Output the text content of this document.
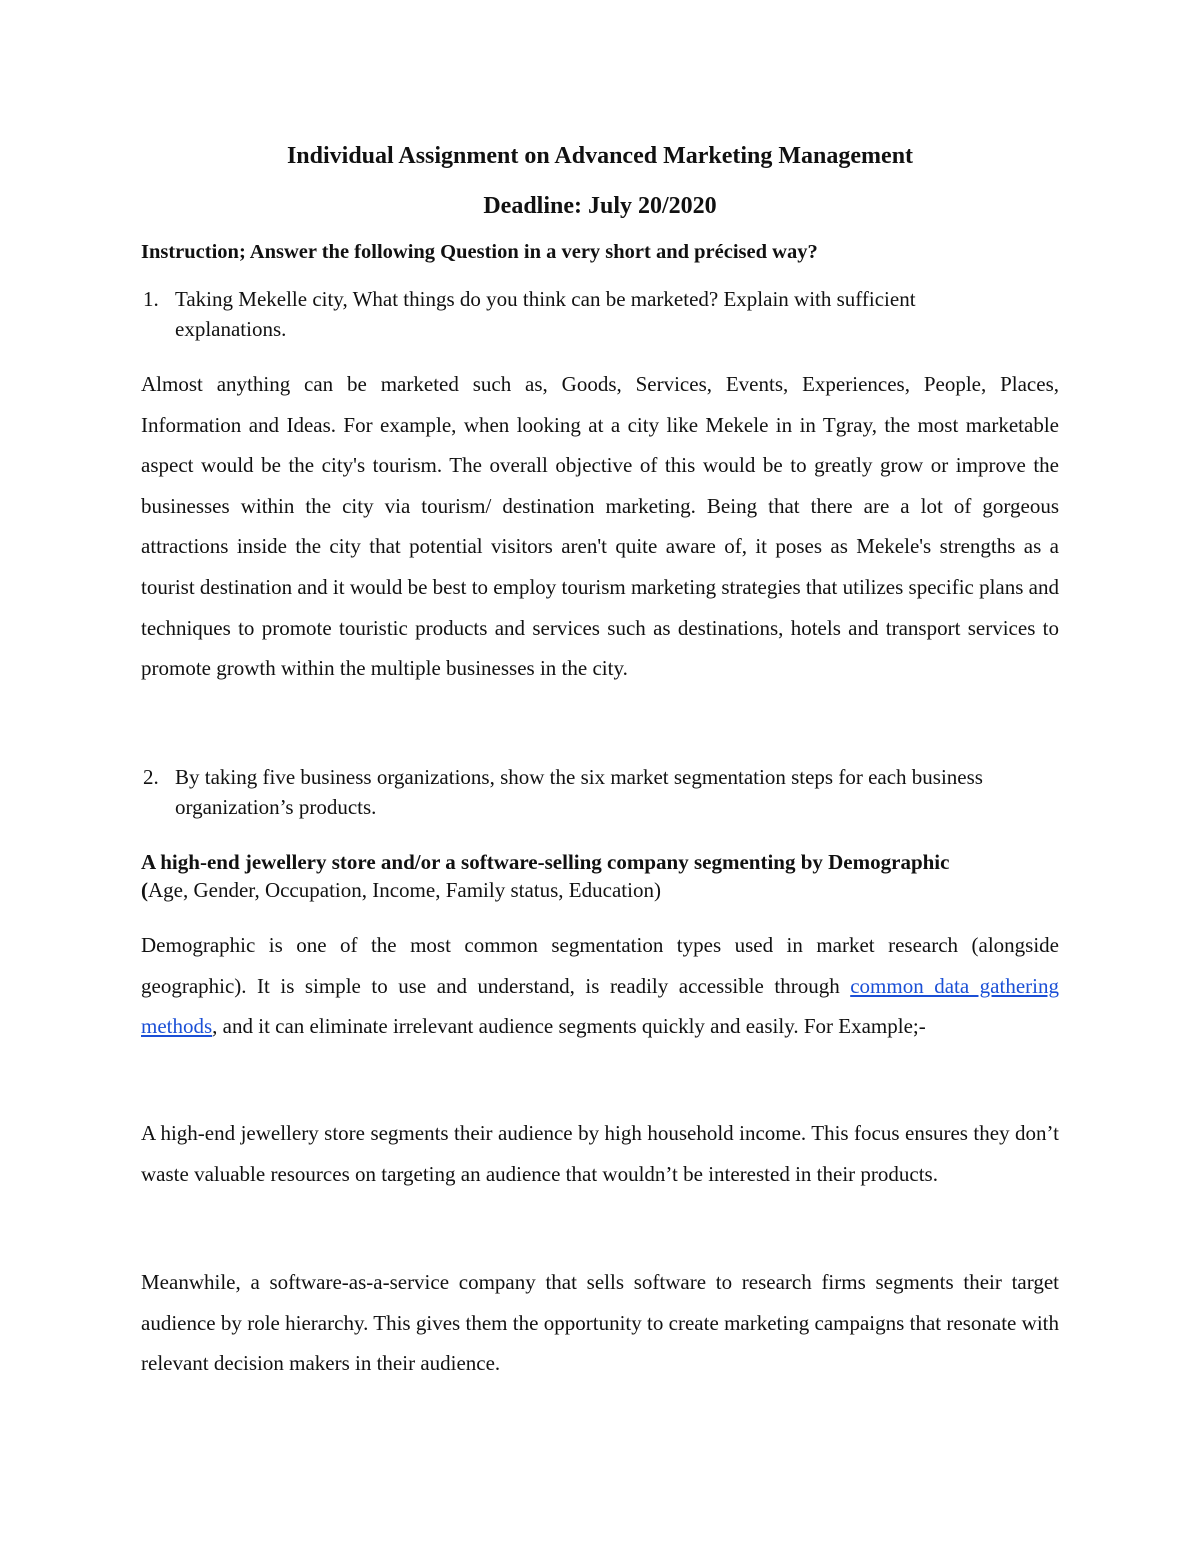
Individual Assignment on Advanced Marketing Management
Deadline: July 20/2020

Instruction; Answer the following Question in a very short and précised way?

1. Taking Mekelle city, What things do you think can be marketed? Explain with sufficient explanations.

Almost anything can be marketed such as, Goods, Services, Events, Experiences, People, Places, Information and Ideas. For example, when looking at a city like Mekele in in Tgray, the most marketable aspect would be the city's tourism. The overall objective of this would be to greatly grow or improve the businesses within the city via tourism/ destination marketing. Being that there are a lot of gorgeous attractions inside the city that potential visitors aren't quite aware of, it poses as Mekele's strengths as a tourist destination and it would be best to employ tourism marketing strategies that utilizes specific plans and techniques to promote touristic products and services such as destinations, hotels and transport services to promote growth within the multiple businesses in the city.

2. By taking five business organizations, show the six market segmentation steps for each business organization’s products.

A high-end jewellery store and/or a software-selling company segmenting by Demographic
(Age, Gender, Occupation, Income, Family status, Education)

Demographic is one of the most common segmentation types used in market research (alongside geographic). It is simple to use and understand, is readily accessible through common data gathering methods, and it can eliminate irrelevant audience segments quickly and easily. For Example;-

A high-end jewellery store segments their audience by high household income. This focus ensures they don’t waste valuable resources on targeting an audience that wouldn’t be interested in their products.

Meanwhile, a software-as-a-service company that sells software to research firms segments their target audience by role hierarchy. This gives them the opportunity to create marketing campaigns that resonate with relevant decision makers in their audience.
